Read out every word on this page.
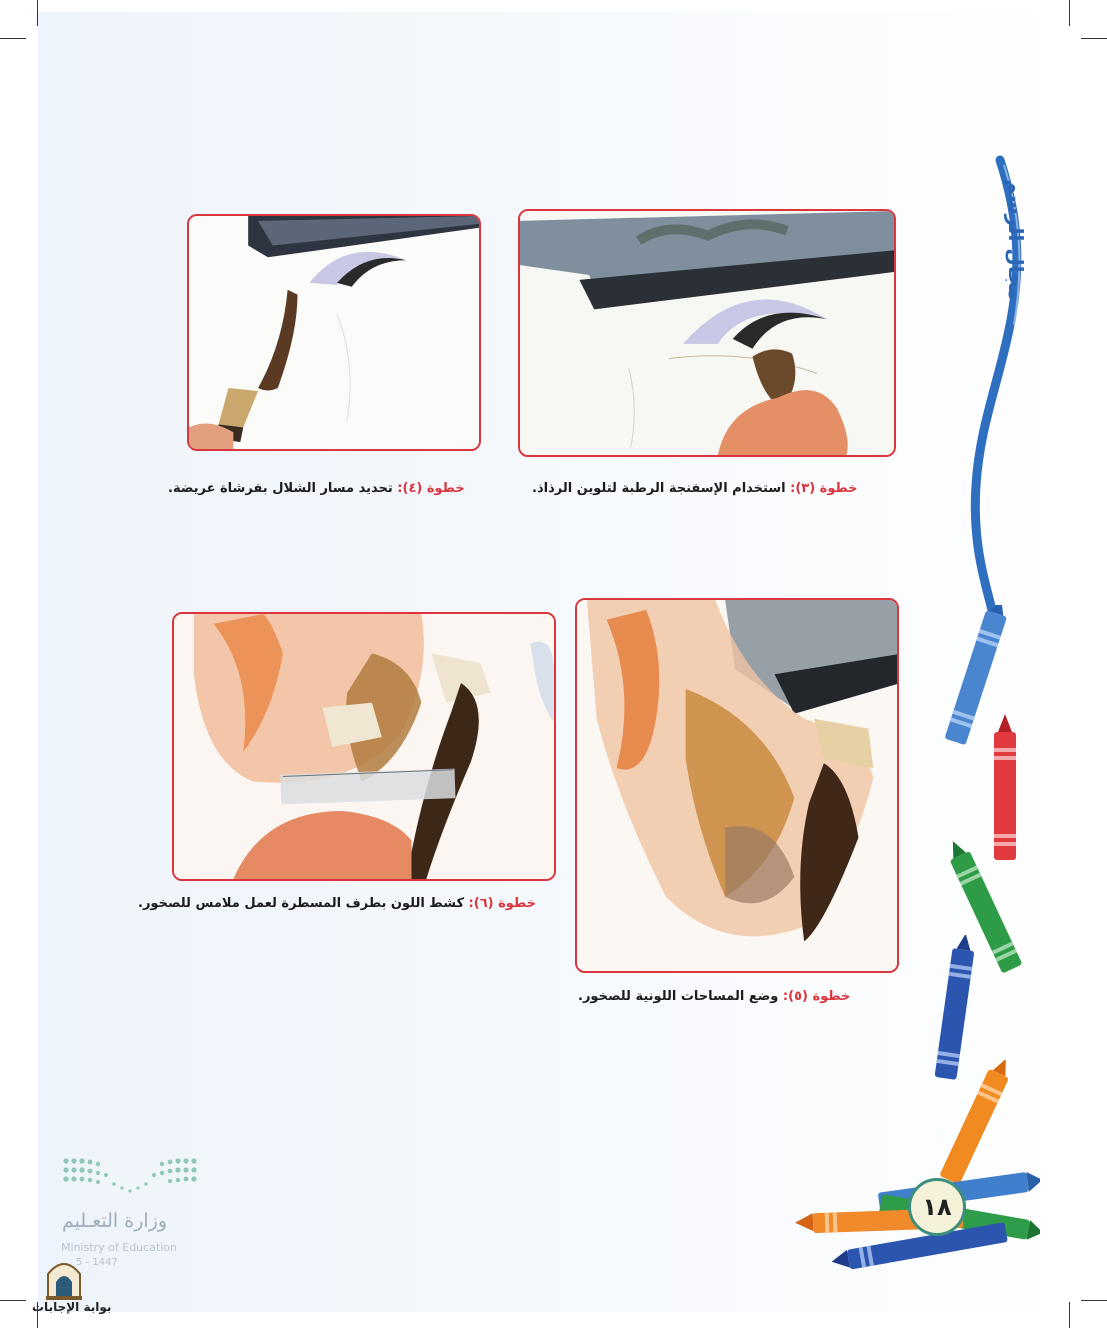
مجال الرسم
خطوة (٣): استخدام الإسفنجة الرطبة لتلوين الرذاذ.
خطوة (٤): تحديد مسار الشلال بفرشاة عريضة.
خطوة (٥): وضع المساحات اللونية للصخور.
خطوة (٦): كشط اللون بطرف المسطرة لعمل ملامس للصخور.
١٨
وزارة التعـليم
Ministry of Education
5 - 1447
بوابة الإجابات
